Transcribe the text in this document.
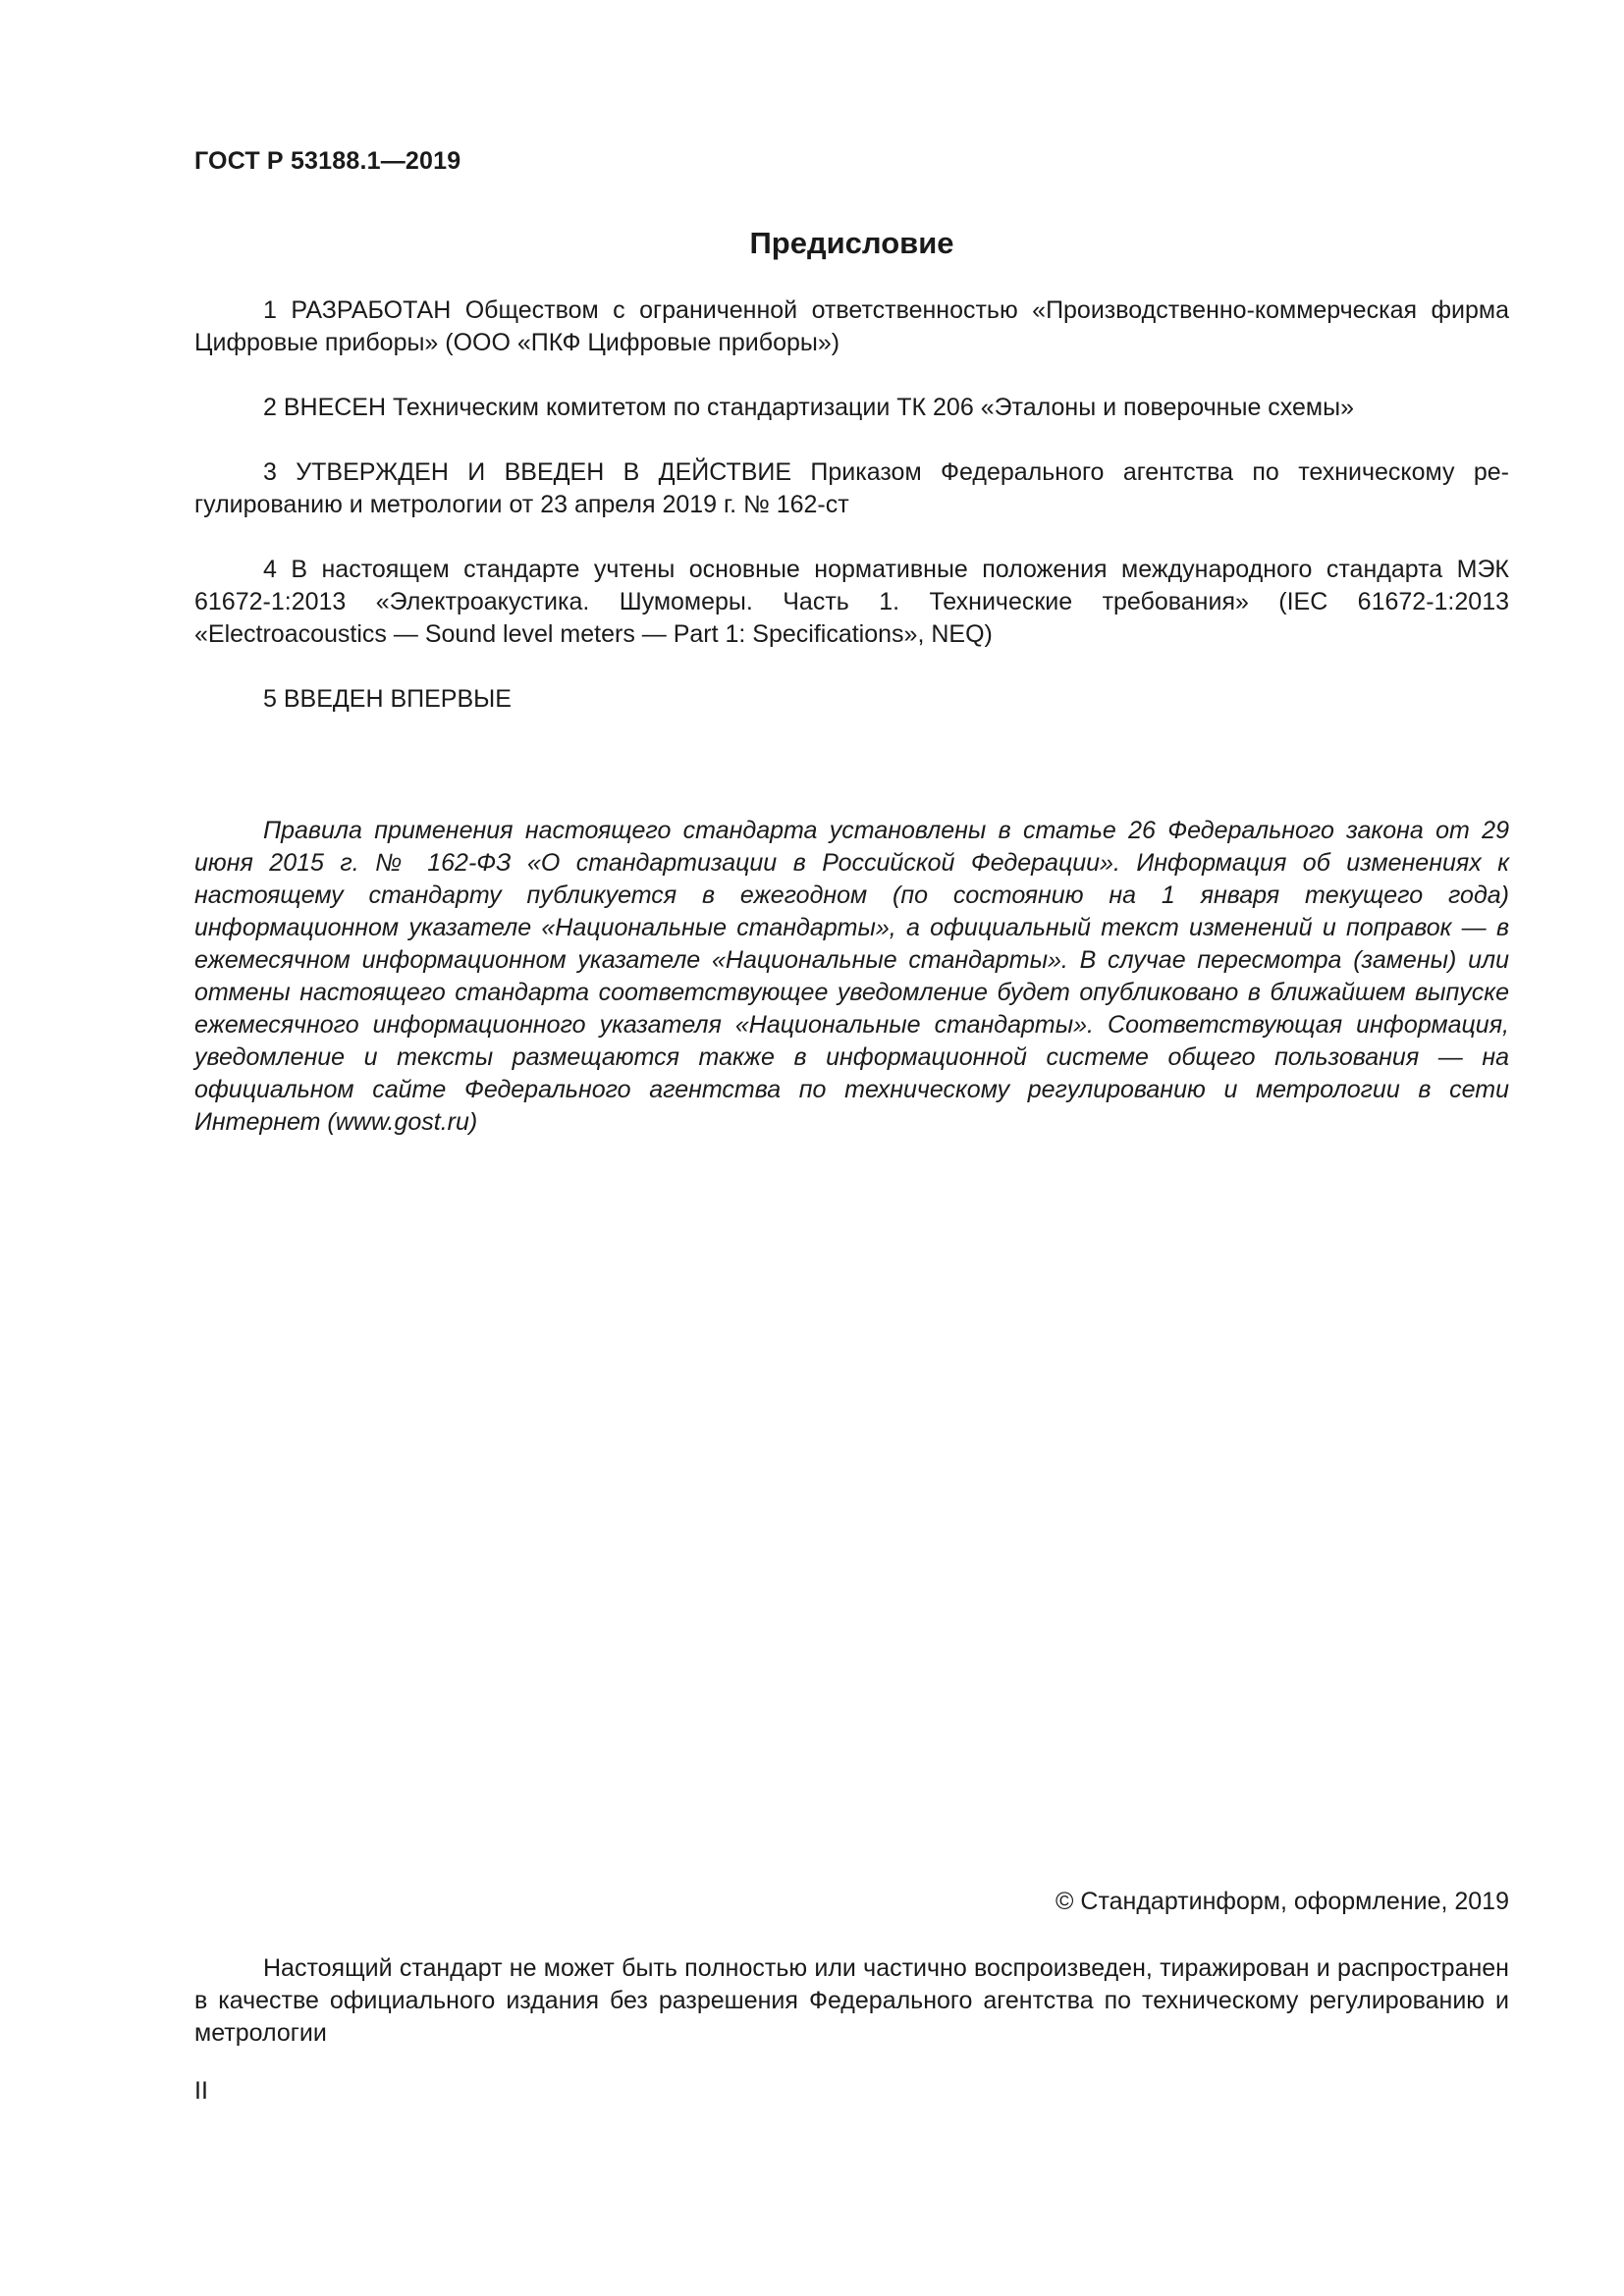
ГОСТ Р 53188.1—2019
Предисловие

1 РАЗРАБОТАН Обществом с ограниченной ответственностью «Производственно-коммерческая фирма Цифровые приборы» (ООО «ПКФ Цифровые приборы»)

2 ВНЕСЕН Техническим комитетом по стандартизации ТК 206 «Эталоны и поверочные схемы»

3 УТВЕРЖДЕН И ВВЕДЕН В ДЕЙСТВИЕ Приказом Федерального агентства по техническому регулированию и метрологии от 23 апреля 2019 г. № 162-ст

4 В настоящем стандарте учтены основные нормативные положения международного стандарта МЭК 61672-1:2013 «Электроакустика. Шумомеры. Часть 1. Технические требования» (IEC 61672-1:2013 «Electroacoustics — Sound level meters — Part 1: Specifications», NEQ)

5 ВВЕДЕН ВПЕРВЫЕ

Правила применения настоящего стандарта установлены в статье 26 Федерального закона от 29 июня 2015 г. № 162-ФЗ «О стандартизации в Российской Федерации». Информация об изменениях к настоящему стандарту публикуется в ежегодном (по состоянию на 1 января текущего года) информационном указателе «Национальные стандарты», а официальный текст изменений и поправок — в ежемесячном информационном указателе «Национальные стандарты». В случае пересмотра (замены) или отмены настоящего стандарта соответствующее уведомление будет опубликовано в ближайшем выпуске ежемесячного информационного указателя «Национальные стандарты». Соответствующая информация, уведомление и тексты размещаются также в информационной системе общего пользования — на официальном сайте Федерального агентства по техническому регулированию и метрологии в сети Интернет (www.gost.ru)

© Стандартинформ, оформление, 2019

Настоящий стандарт не может быть полностью или частично воспроизведен, тиражирован и распространен в качестве официального издания без разрешения Федерального агентства по техническому регулированию и метрологии

II
